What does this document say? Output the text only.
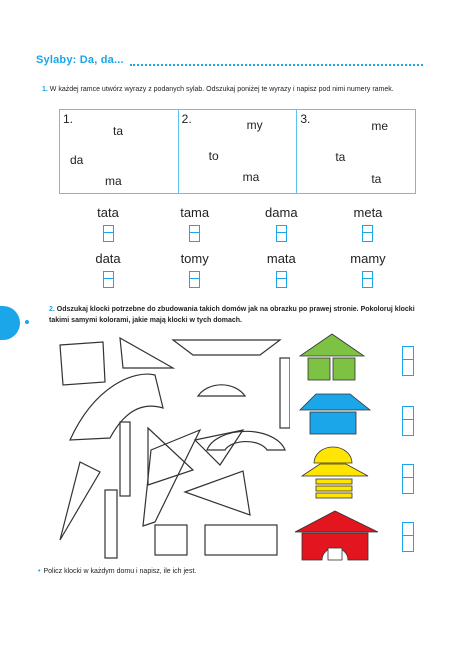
Sylaby: Da, da...
1. W każdej ramce utwórz wyrazy z podanych sylab. Odszukaj poniżej te wyrazy i napisz pod nimi numery ramek.
1.
ta
da
ma
2.	my
to
ma
3.	me
ta
ta
tata	tama	dama	meta
data	tomy	mata	mamy
2. Odszukaj klocki potrzebne do zbudowania takich domów jak na obrazku po prawej stronie. Pokoloruj klocki takimi samymi kolorami, jakie mają klocki w tych domach.
• Policz klocki w każdym domu i napisz, ile ich jest.
